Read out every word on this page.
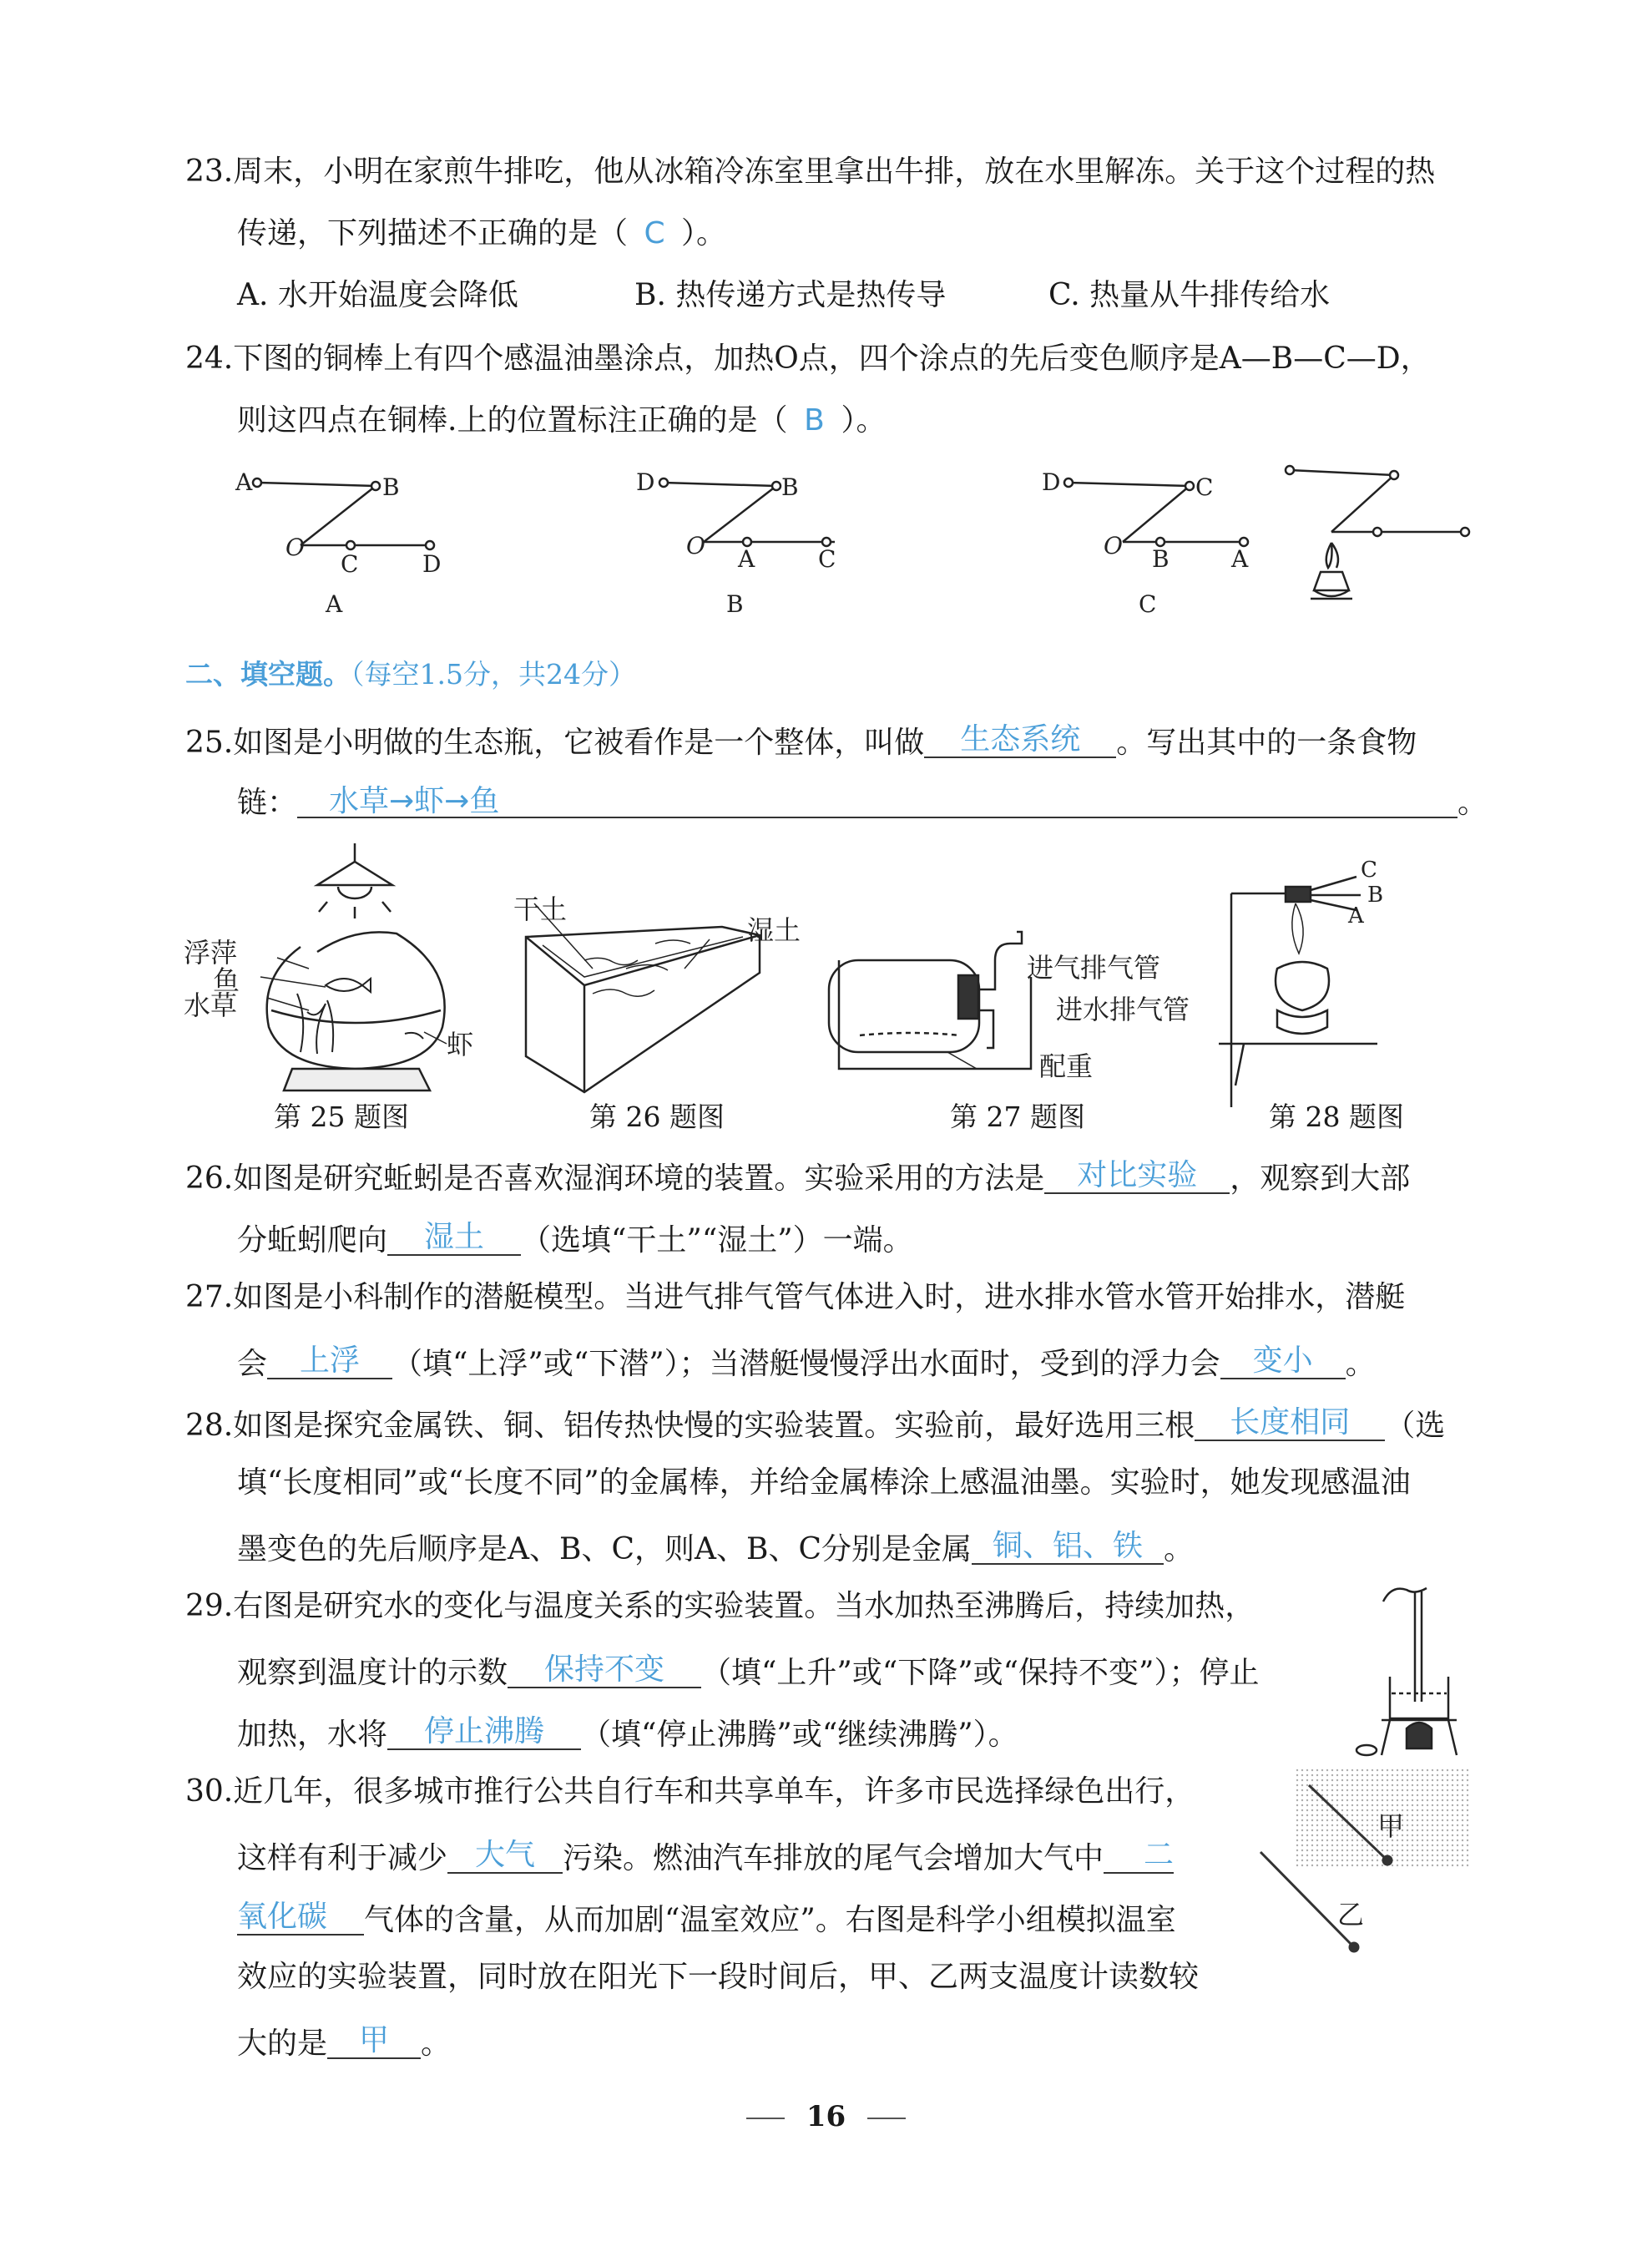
23.周末，小明在家煎牛排吃，他从冰箱冷冻室里拿出牛排，放在水里解冻。关于这个过程的热
传递，下列描述不正确的是（ C ）。
A. 水开始温度会降低	B. 热传递方式是热传导	C. 热量从牛排传给水
24.下图的铜棒上有四个感温油墨涂点，加热O点，四个涂点的先后变色顺序是A—B—C—D，
则这四点在铜棒.上的位置标注正确的是（ B ）。
A	B
O
C	D
A
D	B
O A	C
B
D	C
O B	A
C
二、填空题。（每空1.5分，共24分）
25.如图是小明做的生态瓶，它被看作是一个整体，叫做 生态系统 。写出其中的一条食物
链： 水草→虾→鱼	。
浮萍
鱼
水草
虾
干土
湿土
进气排气管
进水排气管
配重
C
B
A
第 25 题图	第 26 题图	第 27 题图	第 28 题图
26.如图是研究蚯蚓是否喜欢湿润环境的装置。实验采用的方法是 对比实验 ，观察到大部
分蚯蚓爬向 湿土 （选填“干土”“湿土”）一端。
27.如图是小科制作的潜艇模型。当进气排气管气体进入时，进水排水管水管开始排水，潜艇
会 上浮 （填“上浮”或“下潜”）；当潜艇慢慢浮出水面时，受到的浮力会 变小 。
28.如图是探究金属铁、铜、铝传热快慢的实验装置。实验前，最好选用三根 长度相同 （选
填“长度相同”或“长度不同”的金属棒，并给金属棒涂上感温油墨。实验时，她发现感温油
墨变色的先后顺序是A、B、C，则A、B、C分别是金属 铜、铝、铁 。
29.右图是研究水的变化与温度关系的实验装置。当水加热至沸腾后，持续加热，
观察到温度计的示数 保持不变 （填“上升”或“下降”或“保持不变”）；停止
加热，水将 停止沸腾 （填“停止沸腾”或“继续沸腾”）。
30.近几年，很多城市推行公共自行车和共享单车，许多市民选择绿色出行，
这样有利于减少 大气 污染。燃油汽车排放的尾气会增加大气中 二
氧化碳 气体的含量，从而加剧“温室效应”。右图是科学小组模拟温室
效应的实验装置，同时放在阳光下一段时间后，甲、乙两支温度计读数较
大的是 甲 。
甲
乙
16
